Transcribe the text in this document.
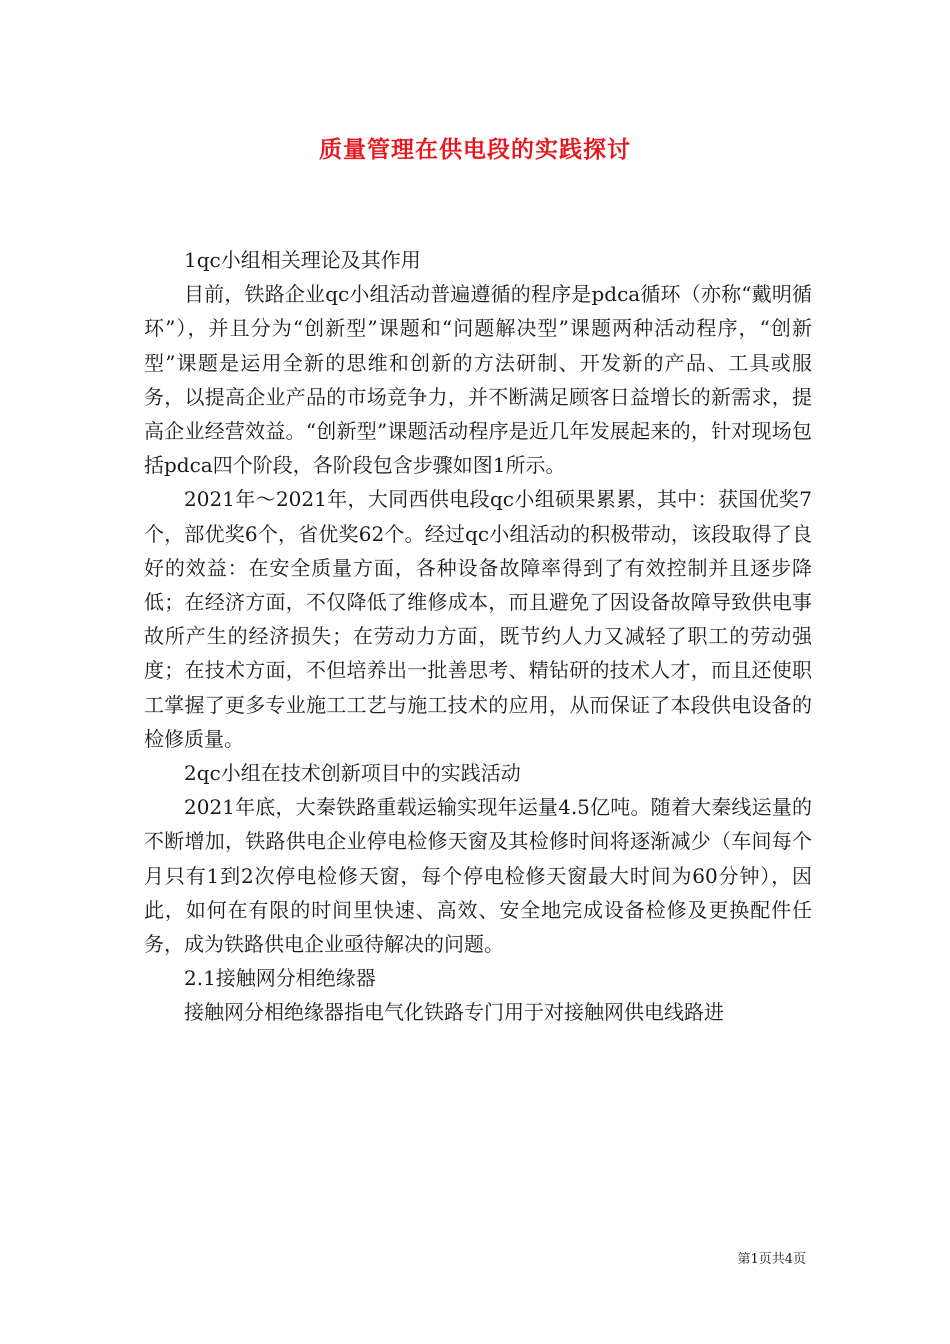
质量管理在供电段的实践探讨

1qc小组相关理论及其作用

目前，铁路企业qc小组活动普遍遵循的程序是pdca循环（亦称“戴明循环”），并且分为“创新型”课题和“问题解决型”课题两种活动程序，“创新型”课题是运用全新的思维和创新的方法研制、开发新的产品、工具或服务，以提高企业产品的市场竞争力，并不断满足顾客日益增长的新需求，提高企业经营效益。“创新型”课题活动程序是近几年发展起来的，针对现场包括pdca四个阶段，各阶段包含步骤如图1所示。

2021年～2021年，大同西供电段qc小组硕果累累，其中：获国优奖7个，部优奖6个，省优奖62个。经过qc小组活动的积极带动，该段取得了良好的效益：在安全质量方面，各种设备故障率得到了有效控制并且逐步降低；在经济方面，不仅降低了维修成本，而且避免了因设备故障导致供电事故所产生的经济损失；在劳动力方面，既节约人力又减轻了职工的劳动强度；在技术方面，不但培养出一批善思考、精钻研的技术人才，而且还使职工掌握了更多专业施工工艺与施工技术的应用，从而保证了本段供电设备的检修质量。

2qc小组在技术创新项目中的实践活动

2021年底，大秦铁路重载运输实现年运量4.5亿吨。随着大秦线运量的不断增加，铁路供电企业停电检修天窗及其检修时间将逐渐减少（车间每个月只有1到2次停电检修天窗，每个停电检修天窗最大时间为60分钟），因此，如何在有限的时间里快速、高效、安全地完成设备检修及更换配件任务，成为铁路供电企业亟待解决的问题。

2.1接触网分相绝缘器

接触网分相绝缘器指电气化铁路专门用于对接触网供电线路进

第1页共4页
